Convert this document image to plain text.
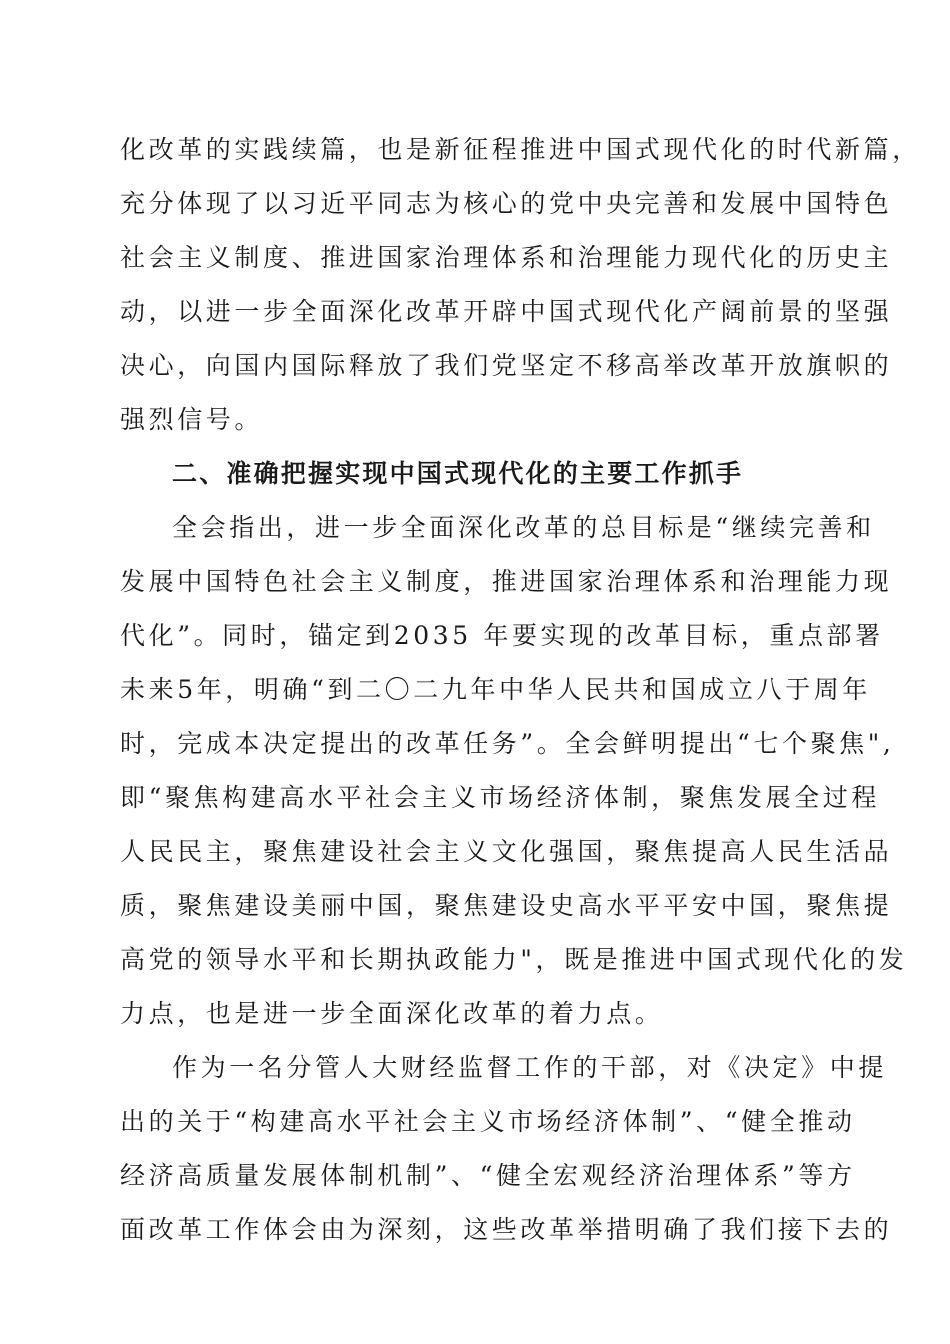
化改革的实践续篇，也是新征程推进中国式现代化的时代新篇，
充分体现了以习近平同志为核心的党中央完善和发展中国特色
社会主义制度、推进国家治理体系和治理能力现代化的历史主
动，以进一步全面深化改革开辟中国式现代化产阔前景的坚强
决心，向国内国际释放了我们党坚定不移高举改革开放旗帜的
强烈信号。
二、准确把握实现中国式现代化的主要工作抓手
全会指出，进一步全面深化改革的总目标是“继续完善和
发展中国特色社会主义制度，推进国家治理体系和治理能力现
代化”。同时，锚定到2035 年要实现的改革目标，重点部署
未来5年，明确“到二〇二九年中华人民共和国成立八于周年
时，完成本决定提出的改革任务”。全会鲜明提出“七个聚焦",
即“聚焦构建高水平社会主义市场经济体制，聚焦发展全过程
人民民主，聚焦建设社会主义文化强国，聚焦提高人民生活品
质，聚焦建设美丽中国，聚焦建设史高水平平安中国，聚焦提
高党的领导水平和长期执政能力"，既是推进中国式现代化的发
力点，也是进一步全面深化改革的着力点。
作为一名分管人大财经监督工作的干部，对《决定》中提
出的关于“构建高水平社会主义市场经济体制”、“健全推动
经济高质量发展体制机制”、“健全宏观经济治理体系”等方
面改革工作体会由为深刻，这些改革举措明确了我们接下去的
